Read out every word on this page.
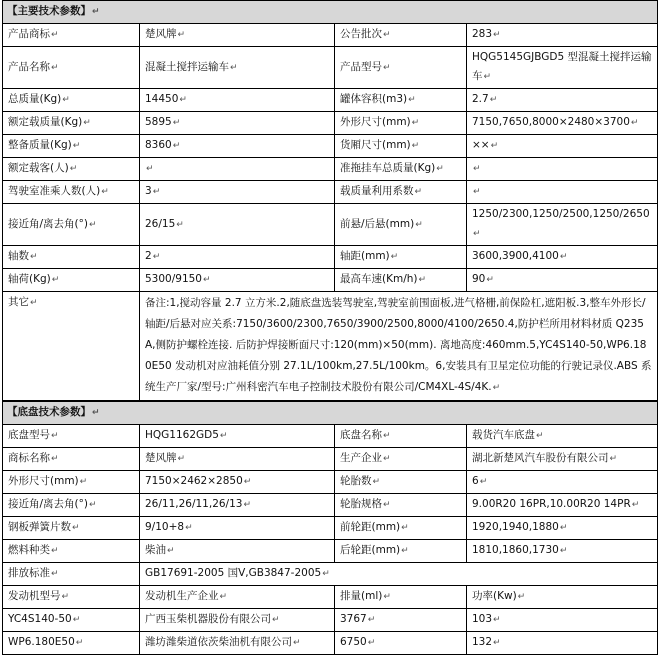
【主要技术参数】↵			
产品商标↵	楚风牌↵	公告批次↵	283↵
产品名称↵	混凝土搅拌运输车↵	产品型号↵	HQG5145GJBGD5 型混凝土搅拌运输车↵
总质量(Kg)↵	14450↵	罐体容积(m3)↵	2.7↵
额定载质量(Kg)↵	5895↵	外形尺寸(mm)↵	7150,7650,8000×2480×3700↵
整备质量(Kg)↵	8360↵	货厢尺寸(mm)↵	××↵
额定载客(人)↵	↵	准拖挂车总质量(Kg)↵	↵
驾驶室准乘人数(人)↵	3↵	载质量利用系数↵	↵
接近角/离去角(°)↵	26/15↵	前悬/后悬(mm)↵	1250/2300,1250/2500,1250/2650↵
轴数↵	2↵	轴距(mm)↵	3600,3900,4100↵
轴荷(Kg)↵	5300/9150↵	最高车速(Km/h)↵	90↵
其它↵	备注:1,搅动容量 2.7 立方米.2,随底盘选装驾驶室,驾驶室前围面板,进气格栅,前保险杠,遮阳板.3,整车外形长/轴距/后悬对应关系:7150/3600/2300,7650/3900/2500,8000/4100/2650.4,防护栏所用材料材质 Q235A,侧防护螺栓连接. 后防护焊接断面尺寸:120(mm)×50(mm). 离地高度:460mm.5,YC4S140-50,WP6.180E50 发动机对应油耗值分别 27.1L/100km,27.5L/100km。6,安装具有卫星定位功能的行驶记录仪.ABS 系统生产厂家/型号:广州科密汽车电子控制技术股份有限公司/CM4XL-4S/4K.↵		
【底盘技术参数】↵			
底盘型号↵	HQG1162GD5↵	底盘名称↵	载货汽车底盘↵
商标名称↵	楚风牌↵	生产企业↵	湖北新楚风汽车股份有限公司↵
外形尺寸(mm)↵	7150×2462×2850↵	轮胎数↵	6↵
接近角/离去角(°)↵	26/11,26/11,26/13↵	轮胎规格↵	9.00R20 16PR,10.00R20 14PR↵
钢板弹簧片数↵	9/10+8↵	前轮距(mm)↵	1920,1940,1880↵
燃料种类↵	柴油↵	后轮距(mm)↵	1810,1860,1730↵
排放标准↵	GB17691-2005 国Ⅴ,GB3847-2005↵		
发动机型号↵	发动机生产企业↵	排量(ml)↵	功率(Kw)↵
YC4S140-50↵	广西玉柴机器股份有限公司↵	3767↵	103↵
WP6.180E50↵	潍坊潍柴道依茨柴油机有限公司↵	6750↵	132↵
